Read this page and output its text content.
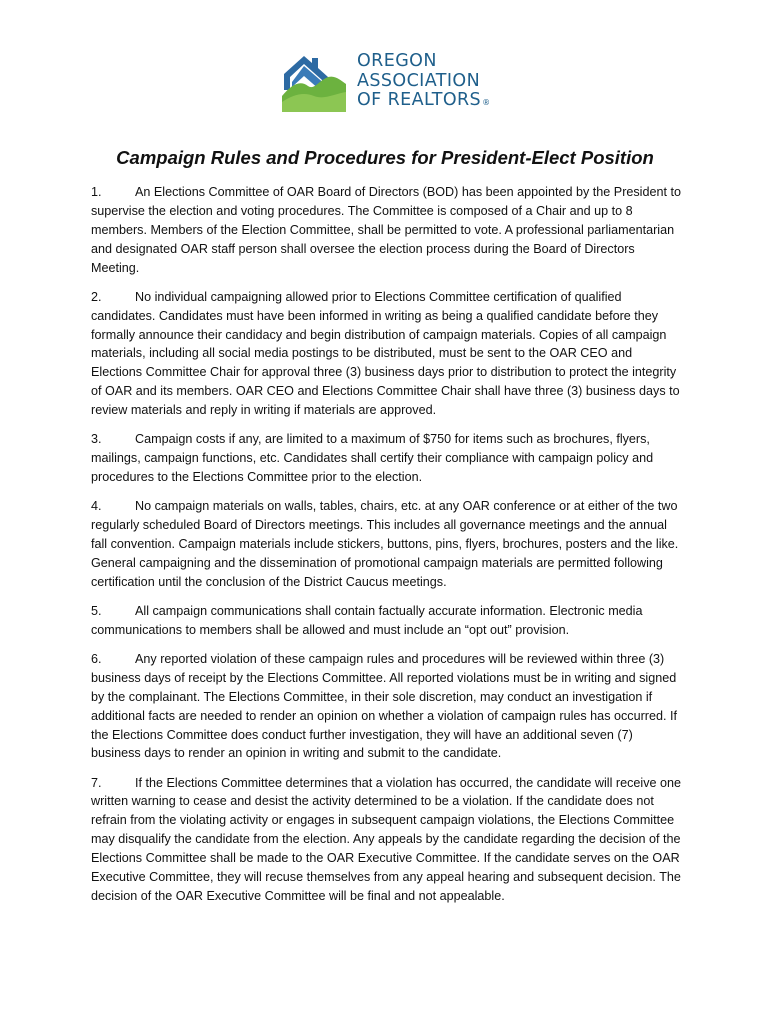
OREGON
ASSOCIATION
OF REALTORS®
Campaign Rules and Procedures for President-Elect Position

1.	An Elections Committee of OAR Board of Directors (BOD) has been appointed by the President to supervise the election and voting procedures. The Committee is composed of a Chair and up to 8 members. Members of the Election Committee, shall be permitted to vote. A professional parliamentarian and designated OAR staff person shall oversee the election process during the Board of Directors Meeting.

2.	No individual campaigning allowed prior to Elections Committee certification of qualified candidates. Candidates must have been informed in writing as being a qualified candidate before they formally announce their candidacy and begin distribution of campaign materials. Copies of all campaign materials, including all social media postings to be distributed, must be sent to the OAR CEO and Elections Committee Chair for approval three (3) business days prior to distribution to protect the integrity of OAR and its members. OAR CEO and Elections Committee Chair shall have three (3) business days to review materials and reply in writing if materials are approved.

3.	Campaign costs if any, are limited to a maximum of $750 for items such as brochures, flyers, mailings, campaign functions, etc. Candidates shall certify their compliance with campaign policy and procedures to the Elections Committee prior to the election.

4.	No campaign materials on walls, tables, chairs, etc. at any OAR conference or at either of the two regularly scheduled Board of Directors meetings. This includes all governance meetings and the annual fall convention. Campaign materials include stickers, buttons, pins, flyers, brochures, posters and the like. General campaigning and the dissemination of promotional campaign materials are permitted following certification until the conclusion of the District Caucus meetings.

5.	All campaign communications shall contain factually accurate information. Electronic media communications to members shall be allowed and must include an “opt out” provision.

6.	Any reported violation of these campaign rules and procedures will be reviewed within three (3) business days of receipt by the Elections Committee. All reported violations must be in writing and signed by the complainant. The Elections Committee, in their sole discretion, may conduct an investigation if additional facts are needed to render an opinion on whether a violation of campaign rules has occurred. If the Elections Committee does conduct further investigation, they will have an additional seven (7) business days to render an opinion in writing and submit to the candidate.

7.	If the Elections Committee determines that a violation has occurred, the candidate will receive one written warning to cease and desist the activity determined to be a violation. If the candidate does not refrain from the violating activity or engages in subsequent campaign violations, the Elections Committee may disqualify the candidate from the election. Any appeals by the candidate regarding the decision of the Elections Committee shall be made to the OAR Executive Committee. If the candidate serves on the OAR Executive Committee, they will recuse themselves from any appeal hearing and subsequent decision. The decision of the OAR Executive Committee will be final and not appealable.
